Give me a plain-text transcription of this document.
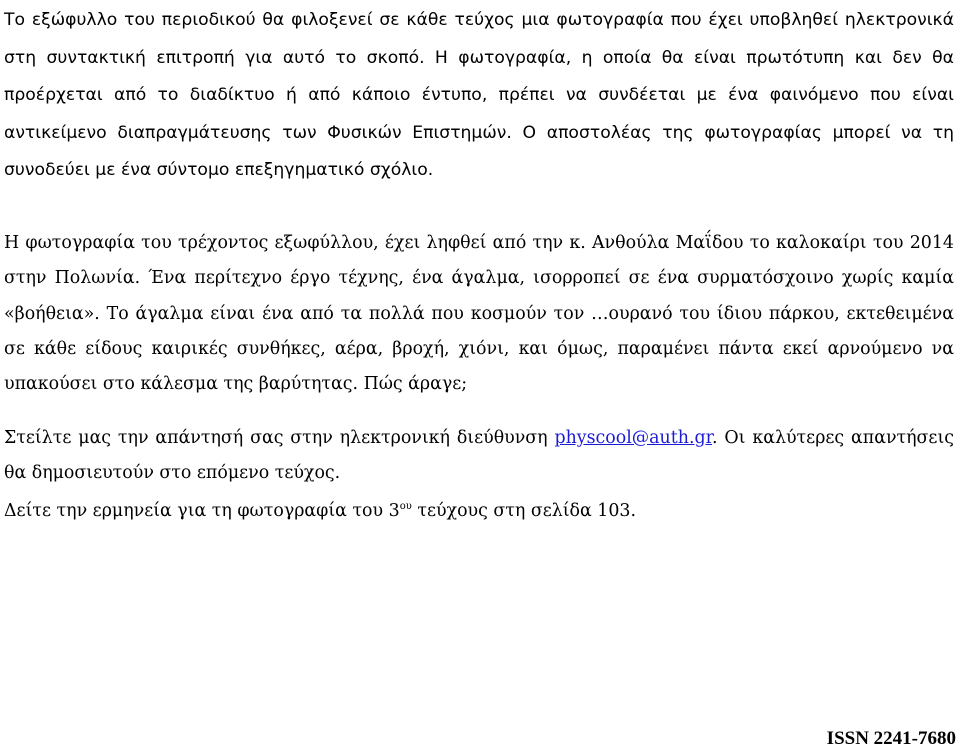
Το εξώφυλλο του περιοδικού θα φιλοξενεί σε κάθε τεύχος μια φωτογραφία που έχει υποβληθεί ηλεκτρονικά στη συντακτική επιτροπή για αυτό το σκοπό. Η φωτογραφία, η οποία θα είναι πρωτότυπη και δεν θα προέρχεται από το διαδίκτυο ή από κάποιο έντυπο, πρέπει να συνδέεται με ένα φαινόμενο που είναι αντικείμενο διαπραγμάτευσης των Φυσικών Επιστημών. Ο αποστολέας της φωτογραφίας μπορεί να τη συνοδεύει με ένα σύντομο επεξηγηματικό σχόλιο.

Η φωτογραφία του τρέχοντος εξωφύλλου, έχει ληφθεί από την κ. Ανθούλα Μαΐδου το καλοκαίρι του 2014 στην Πολωνία. Ένα περίτεχνο έργο τέχνης, ένα άγαλμα, ισορροπεί σε ένα συρματόσχοινο χωρίς καμία «βοήθεια». Το άγαλμα είναι ένα από τα πολλά που κοσμούν τον …ουρανό του ίδιου πάρκου, εκτεθειμένα σε κάθε είδους καιρικές συνθήκες, αέρα, βροχή, χιόνι, και όμως, παραμένει πάντα εκεί αρνούμενο να υπακούσει στο κάλεσμα της βαρύτητας. Πώς άραγε;

Στείλτε μας την απάντησή σας στην ηλεκτρονική διεύθυνση physcool@auth.gr. Οι καλύτερες απαντήσεις θα δημοσιευτούν στο επόμενο τεύχος.

Δείτε την ερμηνεία για τη φωτογραφία του $3^{o\upsilon}$ τεύχους στη σελίδα 103.

ISSN 2241-7680
